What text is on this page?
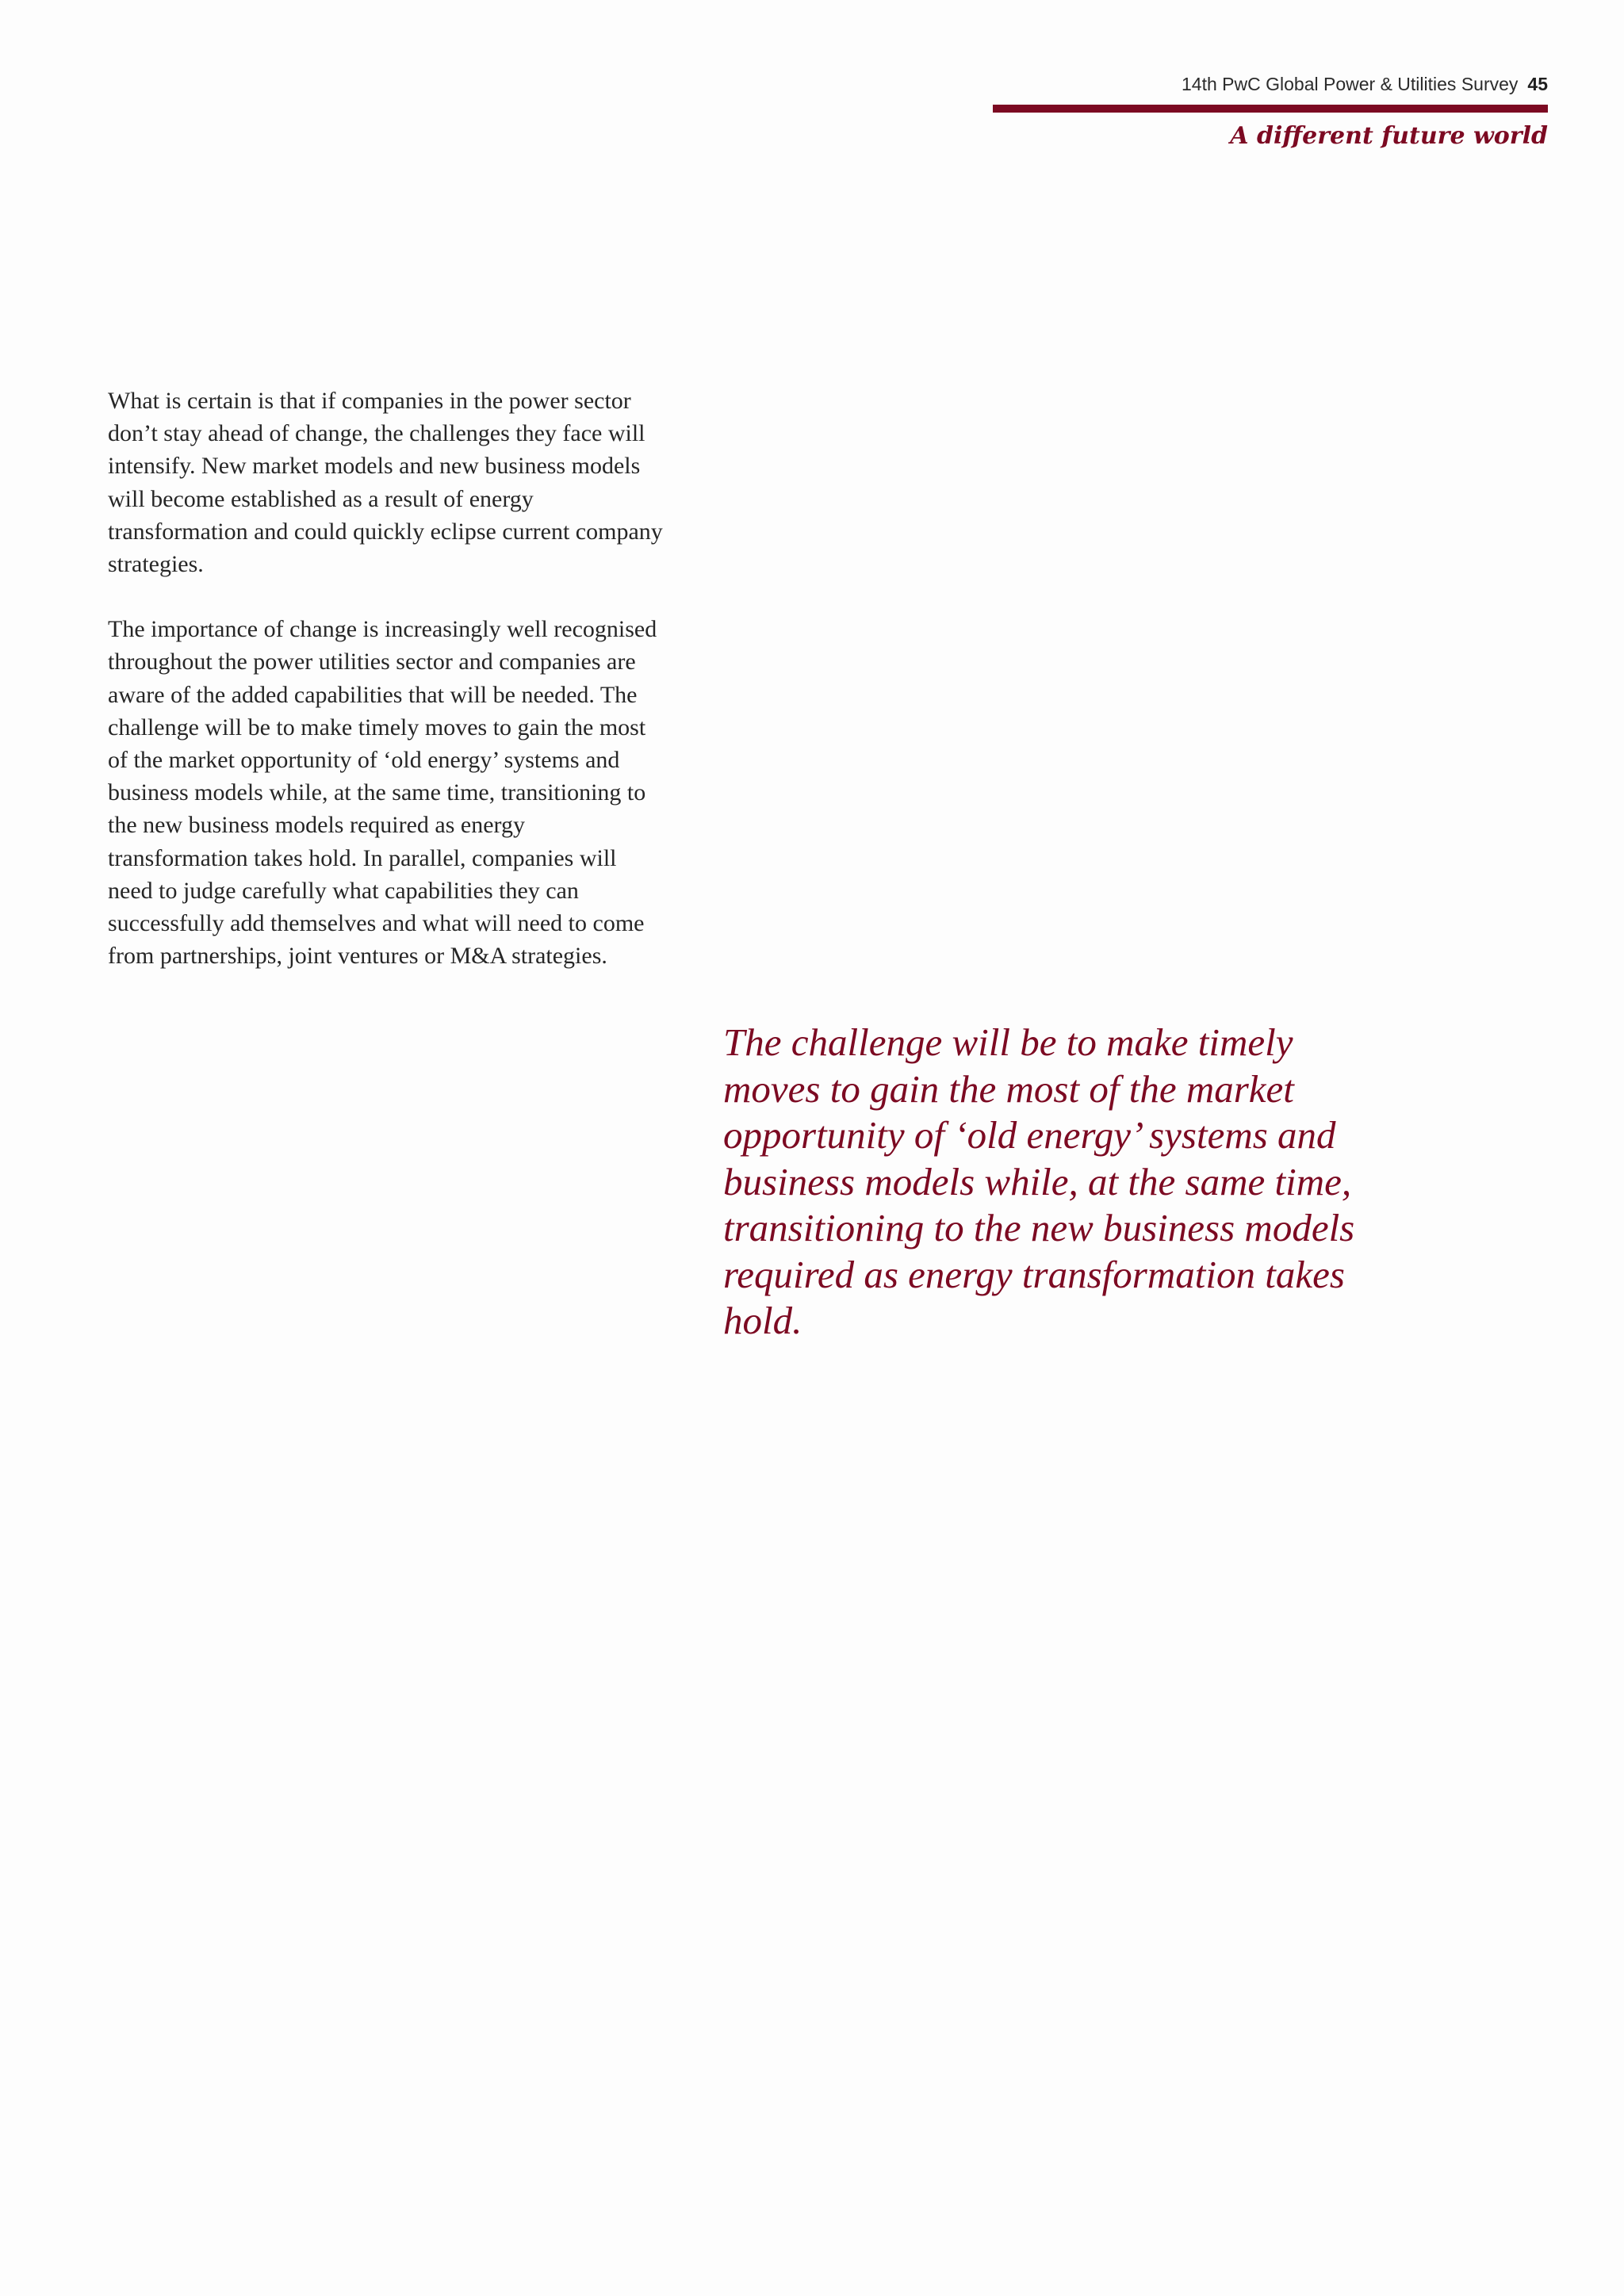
14th PwC Global Power & Utilities Survey 45
A different future world

What is certain is that if companies in the power sector don’t stay ahead of change, the challenges they face will intensify. New market models and new business models will become established as a result of energy transformation and could quickly eclipse current company strategies.

The importance of change is increasingly well recognised throughout the power utilities sector and companies are aware of the added capabilities that will be needed. The challenge will be to make timely moves to gain the most of the market opportunity of ‘old energy’ systems and business models while, at the same time, transitioning to the new business models required as energy transformation takes hold. In parallel, companies will need to judge carefully what capabilities they can successfully add themselves and what will need to come from partnerships, joint ventures or M&A strategies.

The challenge will be to make timely moves to gain the most of the market opportunity of ‘old energy’ systems and business models while, at the same time, transitioning to the new business models required as energy transformation takes hold.
